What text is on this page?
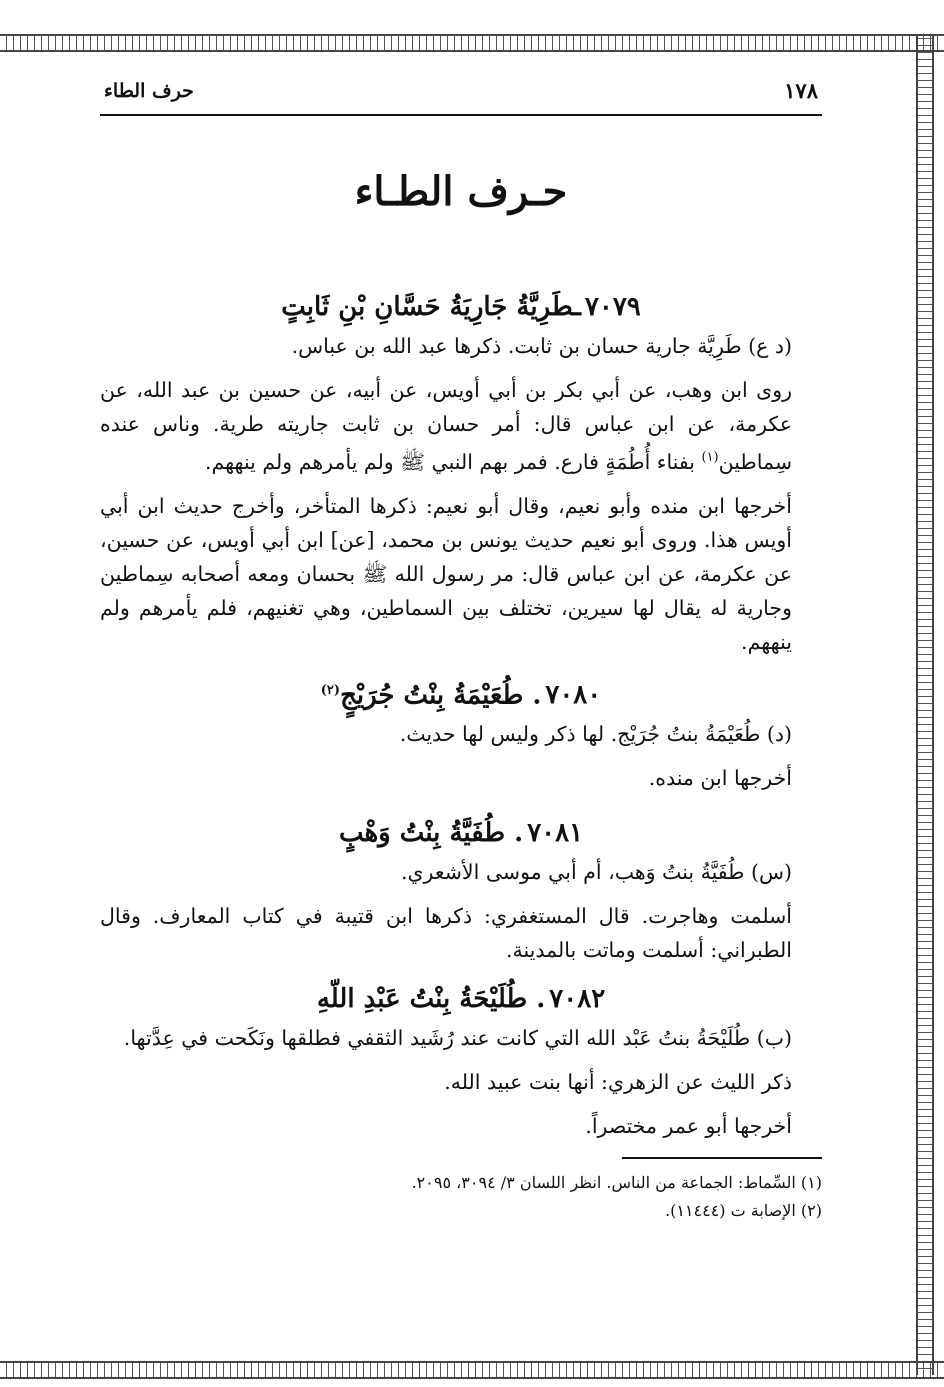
١٧٨
حرف الطاء
حـرف الطـاء
٧٠٧٩ـطَرِيَّةُ جَارِيَةُ حَسَّانِ بْنِ ثَابِتٍ

(د ع) طَرِيَّة جارية حسان بن ثابت. ذكرها عبد الله بن عباس.

روى ابن وهب، عن أبي بكر بن أبي أويس، عن أبيه، عن حسين بن عبد الله، عن عكرمة، عن ابن عباس قال: أمر حسان بن ثابت جاريته طرية. وناس عنده سِماطين$^{(١)}$ بفناء أُطُمَةٍ فارع. فمر بهم النبي ﷺ ولم يأمرهم ولم ينههم.

أخرجها ابن منده وأبو نعيم، وقال أبو نعيم: ذكرها المتأخر، وأخرج حديث ابن أبي أويس هذا. وروى أبو نعيم حديث يونس بن محمد، [عن] ابن أبي أويس، عن حسين، عن عكرمة، عن ابن عباس قال: مر رسول الله ﷺ بحسان ومعه أصحابه سِماطين وجارية له يقال لها سيرين، تختلف بين السماطين، وهي تغنيهم، فلم يأمرهم ولم ينههم.

٧٠٨٠. طُعَيْمَةُ بِنْتُ جُرَيْجٍ$^{(٢)}$

(د) طُعَيْمَةُ بنتُ جُرَيْج. لها ذكر وليس لها حديث.

أخرجها ابن منده.

٧٠٨١. طُفَيَّةُ بِنْتُ وَهْبٍ

(س) طُفَيَّةُ بنتُ وَهب، أم أبي موسى الأشعري.

أسلمت وهاجرت. قال المستغفري: ذكرها ابن قتيبة في كتاب المعارف. وقال الطبراني: أسلمت وماتت بالمدينة.

٧٠٨٢. طُلَيْحَةُ بِنْتُ عَبْدِ اللّهِ

(ب) طُلَيْحَةُ بنتُ عَبْد الله التي كانت عند رُشَيد الثقفي فطلقها ونَكَحت في عِدَّتها.

ذكر الليث عن الزهري: أنها بنت عبيد الله.

أخرجها أبو عمر مختصراً.

(١) السِّماط: الجماعة من الناس. انظر اللسان ٣/ ٣٠٩٤، ٢٠٩٥.
(٢) الإصابة ت (١١٤٤٤).
